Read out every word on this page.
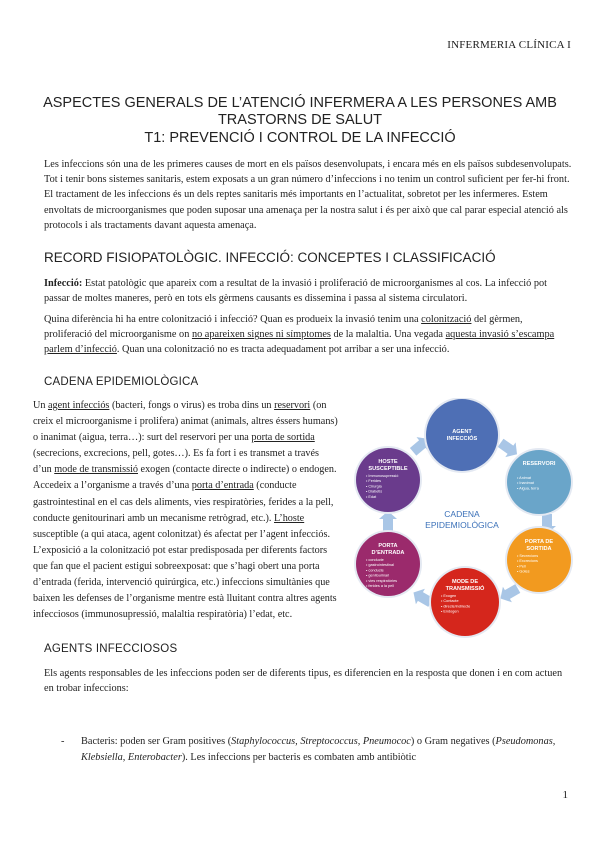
INFERMERIA CLÍNICA I
ASPECTES GENERALS DE L’ATENCIÓ INFERMERA A LES PERSONES AMB TRASTORNS DE SALUT
T1: PREVENCIÓ I CONTROL DE LA INFECCIÓ
Les infeccions són una de les primeres causes de mort en els països desenvolupats, i encara més en els països subdesenvolupats. Tot i tenir bons sistemes sanitaris, estem exposats a un gran número d’infeccions i no tenim un control suficient per fer-hi front. El tractament de les infeccions és un dels reptes sanitaris més importants en l’actualitat, sobretot per les infermeres. Estem envoltats de microorganismes que poden suposar una amenaça per la nostra salut i és per això que cal parar especial atenció als protocols i als tractaments davant aquesta amenaça.
RECORD FISIOPATOLÒGIC. INFECCIÓ: CONCEPTES I CLASSIFICACIÓ
Infecció: Estat patològic que apareix com a resultat de la invasió i proliferació de microorganismes al cos. La infecció pot passar de moltes maneres, però en tots els gèrmens causants es dissemina i passa al sistema circulatori.
Quina diferència hi ha entre colonització i infecció? Quan es produeix la invasió tenim una colonització del gèrmen, proliferació del microorganisme on no apareixen signes ni símptomes de la malaltia. Una vegada aquesta invasió s’escampa parlem d’infecció. Quan una colonització no es tracta adequadament pot arribar a ser una infecció.
CADENA EPIDEMIOLÒGICA
Un agent infecciós (bacteri, fongs o virus) es troba dins un reservori (on creix el microorganisme i prolifera) animat (animals, altres éssers humans) o inanimat (aigua, terra…): surt del reservori per una porta de sortida (secrecions, excrecions, pell, gotes…). Es fa fort i es transmet a través d’un mode de transmissió exogen (contacte directe o indirecte) o endogen. Accedeix a l’organisme a través d’una porta d’entrada (conducte gastrointestinal en el cas dels aliments, vies respiratòries, ferides a la pell, conducte genitourinari amb un mecanisme retrògrad, etc.). L’hoste susceptible (a qui ataca, agent colonitzat) és afectat per l’agent infecciós. L’exposició a la colonització pot estar predisposada per diferents factors que fan que el pacient estigui sobreexposat: que s’hagi obert una porta d’entrada (ferida, intervenció quirúrgica, etc.) infeccions simultànies que baixen les defenses de l’organisme mentre està lluitant contra altres agents infecciosos (immunosupressió, malaltia respiratòria) l’edat, etc.
CADENA
EPIDEMIOLÒGICA
AGENT
INFECCIÓS
RESERVORI
• Animat
• Inanimat
• Aigua, terra
PORTA DE
SORTIDA
• Secrecions
• Excrecions
• Pell
• Gotes
MODE DE
TRANSMISSIÓ
• Exogen
• Contacte
• directe/indirecte
• Endogen
PORTA
D’ENTRADA
• conducte
• gastrointestinal
• conducte
• genitourinari
• vies respiratòries
• ferides a la pell
HOSTE
SUSCEPTIBLE
• Immunosupressió
• Ferides
• Cirurgia
• Diabetis
• Edat
AGENTS INFECCIOSOS
Els agents responsables de les infeccions poden ser de diferents tipus, es diferencien en la resposta que donen i en com actuen en trobar infeccions:
- Bacteris: poden ser Gram positives (Staphylococcus, Streptococcus, Pneumococ) o Gram negatives (Pseudomonas, Klebsiella, Enterobacter). Les infeccions per bacteris es combaten amb antibiòtic
1
